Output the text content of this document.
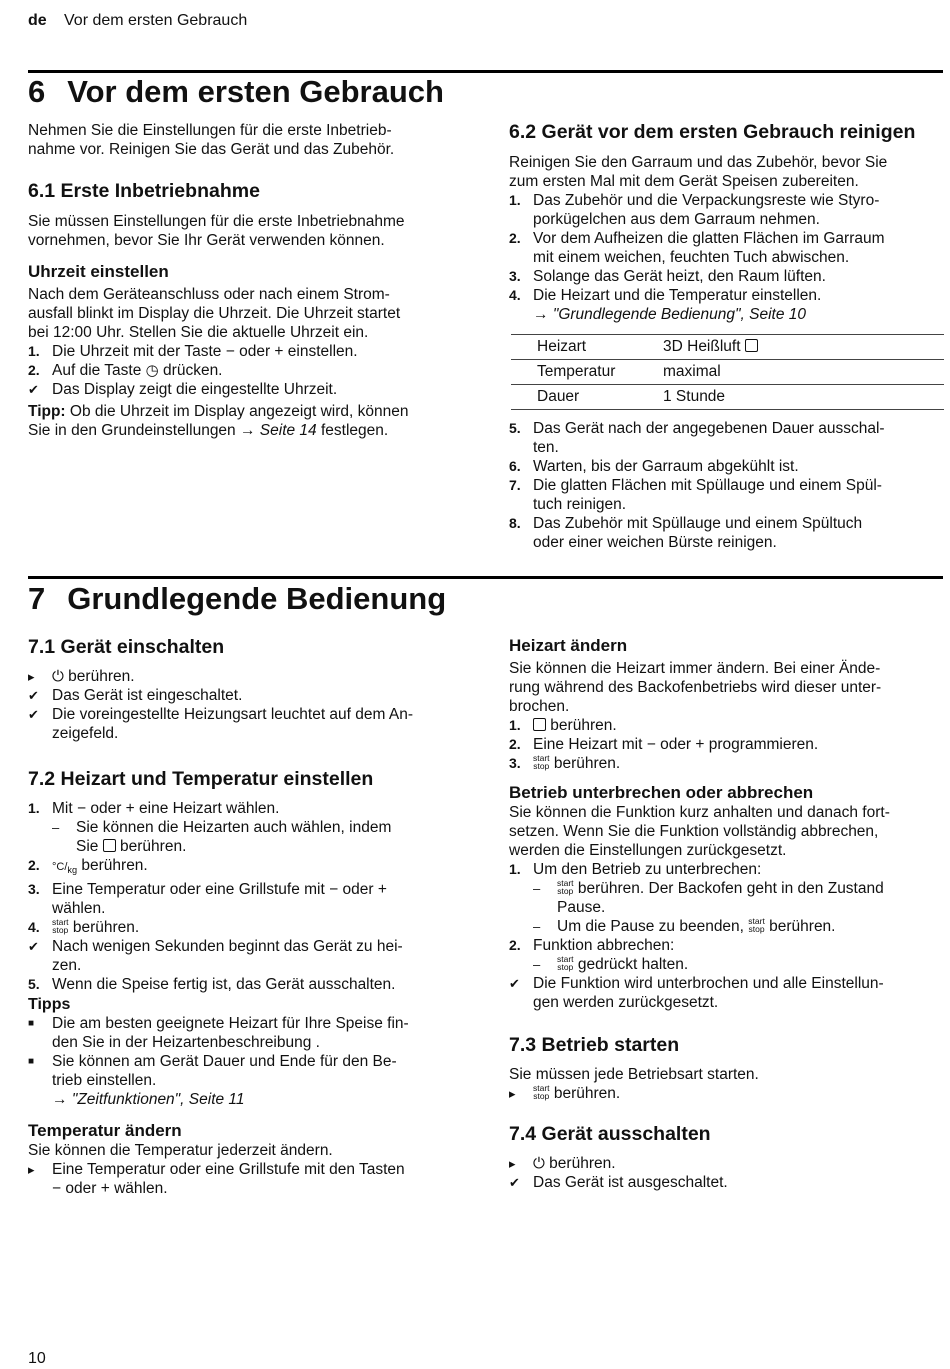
de Vor dem ersten Gebrauch
6 Vor dem ersten Gebrauch

Nehmen Sie die Einstellungen für die erste Inbetrieb-

nahme vor. Reinigen Sie das Gerät und das Zubehör.

6.1 Erste Inbetriebnahme

Sie müssen Einstellungen für die erste Inbetriebnahme

vornehmen, bevor Sie Ihr Gerät verwenden können.

Uhrzeit einstellen

Nach dem Geräteanschluss oder nach einem Strom-

ausfall blinkt im Display die Uhrzeit. Die Uhrzeit startet

bei 12:00 Uhr. Stellen Sie die aktuelle Uhrzeit ein.

1. Die Uhrzeit mit der Taste − oder + einstellen.
2. Auf die Taste ◷ drücken.
✔ Das Display zeigt die eingestellte Uhrzeit.
Tipp: Ob die Uhrzeit im Display angezeigt wird, können
Sie in den Grundeinstellungen → Seite 14 festlegen.
6.2 Gerät vor dem ersten Gebrauch reinigen

Reinigen Sie den Garraum und das Zubehör, bevor Sie

zum ersten Mal mit dem Gerät Speisen zubereiten.

1. Das Zubehör und die Verpackungsreste wie Styro-
porkügelchen aus dem Garraum nehmen.
2. Vor dem Aufheizen die glatten Flächen im Garraum
mit einem weichen, feuchten Tuch abwischen.
3. Solange das Gerät heizt, den Raum lüften.
4. Die Heizart und die Temperatur einstellen.
→ "Grundlegende Bedienung", Seite 10
Heizart	3D Heißluft
Temperatur	maximal
Dauer	1 Stunde
5. Das Gerät nach der angegebenen Dauer ausschal-
ten.
6. Warten, bis der Garraum abgekühlt ist.
7. Die glatten Flächen mit Spüllauge und einem Spül-
tuch reinigen.
8. Das Zubehör mit Spüllauge und einem Spültuch
oder einer weichen Bürste reinigen.
7 Grundlegende Bedienung
7.1 Gerät einschalten
▸	⏻ berühren.
✔ Das Gerät ist eingeschaltet.
✔ Die voreingestellte Heizungsart leuchtet auf dem An-
zeigefeld.
7.2 Heizart und Temperatur einstellen
1. Mit − oder + eine Heizart wählen.
–	Sie können die Heizarten auch wählen, indem
Sie  berühren.
2.	$^\circ C/_{kg}$ berühren.
3. Eine Temperatur oder eine Grillstufe mit − oder +
wählen.
4.	start
stop berühren.
✔ Nach wenigen Sekunden beginnt das Gerät zu hei-
zen.
5. Wenn die Speise fertig ist, das Gerät ausschalten.
Tipps
■	Die am besten geeignete Heizart für Ihre Speise fin-
den Sie in der Heizartenbeschreibung .
■	Sie können am Gerät Dauer und Ende für den Be-
trieb einstellen.
→ "Zeitfunktionen", Seite 11
Temperatur ändern

Sie können die Temperatur jederzeit ändern.

▸	Eine Temperatur oder eine Grillstufe mit den Tasten
− oder + wählen.
Heizart ändern

Sie können die Heizart immer ändern. Bei einer Ände-

rung während des Backofenbetriebs wird dieser unter-

brochen.

1.	berühren.
2. Eine Heizart mit − oder + programmieren.
3.	start
stop berühren.
Betrieb unterbrechen oder abbrechen

Sie können die Funktion kurz anhalten und danach fort-

setzen. Wenn Sie die Funktion vollständig abbrechen,

werden die Einstellungen zurückgesetzt.

1. Um den Betrieb zu unterbrechen:
–	start
stop berühren. Der Backofen geht in den Zustand
Pause.
–	Um die Pause zu beenden, start
stop berühren.
2. Funktion abbrechen:
–	start
stop gedrückt halten.
✔ Die Funktion wird unterbrochen und alle Einstellun-
gen werden zurückgesetzt.
7.3 Betrieb starten

Sie müssen jede Betriebsart starten.

▸	start
stop berühren.
7.4 Gerät ausschalten
▸	⏻ berühren.
✔ Das Gerät ist ausgeschaltet.
10
